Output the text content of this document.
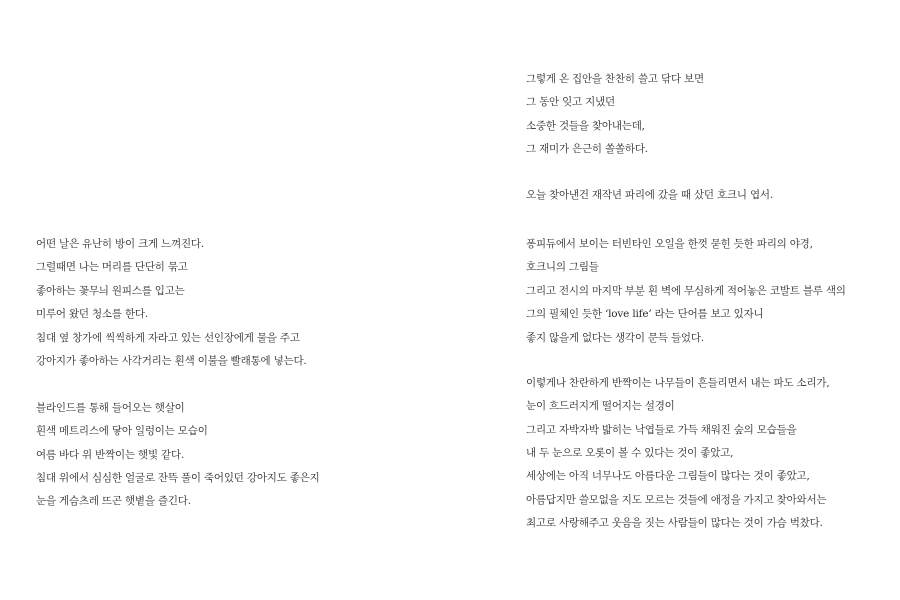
어떤 날은 유난히 방이 크게 느껴진다.
그럴때면 나는 머리를 단단히 묶고
좋아하는 꽃무늬 원피스를 입고는
미루어 왔던 청소를 한다.
침대 옆 창가에 씩씩하게 자라고 있는 선인장에게 물을 주고
강아지가 좋아하는 사각거리는 흰색 이불을 빨래통에 넣는다.
블라인드를 통해 들어오는 햇살이
흰색 메트리스에 닿아 일렁이는 모습이
여름 바다 위 반짝이는 햇빛 같다.
침대 위에서 심심한 얼굴로 잔뜩 풀이 죽어있던 강아지도 좋은지
눈을 게슴츠레 뜨곤 햇볕을 즐긴다.
그렇게 온 집안을 찬찬히 쓸고 닦다 보면
그 동안 잊고 지냈던
소중한 것들을 찾아내는데,
그 재미가 은근히 쏠쏠하다.
오늘 찾아낸건 재작년 파리에 갔을 때 샀던 호크니 엽서.
퐁피듀에서 보이는 터빈타인 오일을 한껏 묻힌 듯한 파리의 야경,
호크니의 그림들
그리고 전시의 마지막 부분 흰 벽에 무심하게 적어놓은 코발트 블루 색의
그의 필체인 듯한 ‘love life’ 라는 단어를 보고 있자니
좋지 않을게 없다는 생각이 문득 들었다.
이렇게나 찬란하게 반짝이는 나무들이 흔들리면서 내는 파도 소리가,
눈이 흐드러지게 떨어지는 설경이
그리고 자박자박 밟히는 낙엽들로 가득 채워진 숲의 모습들을
내 두 눈으로 오롯이 볼 수 있다는 것이 좋았고,
세상에는 아직 너무나도 아름다운 그림들이 많다는 것이 좋았고,
아름답지만 쓸모없을 지도 모르는 것들에 애정을 가지고 찾아와서는
최고로 사랑해주고 웃음을 짓는 사람들이 많다는 것이 가슴 벅찼다.
